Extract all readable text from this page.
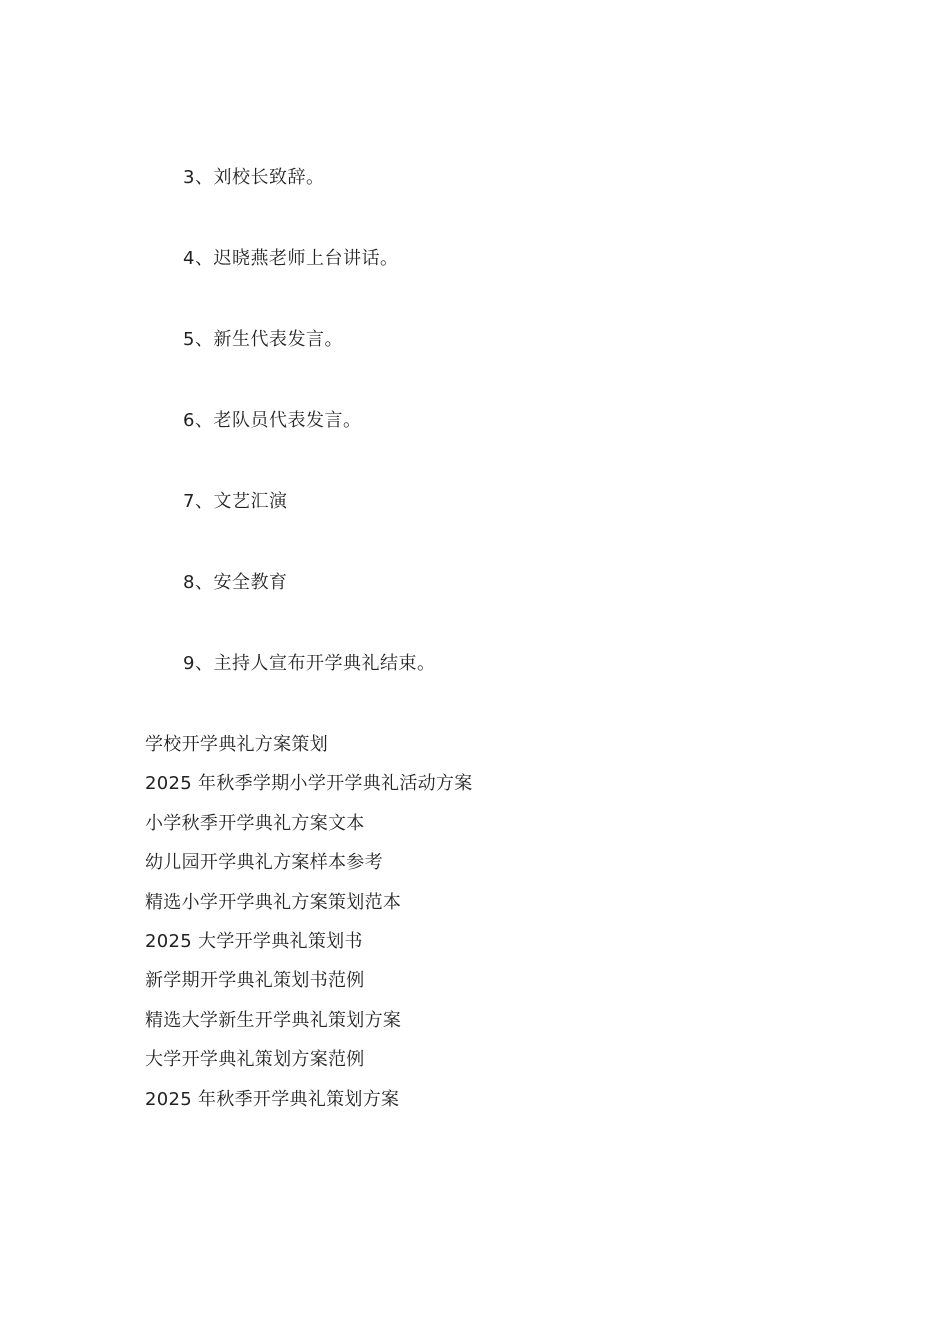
3、刘校长致辞。
4、迟晓燕老师上台讲话。
5、新生代表发言。
6、老队员代表发言。
7、文艺汇演
8、安全教育
9、主持人宣布开学典礼结束。
学校开学典礼方案策划
2025 年秋季学期小学开学典礼活动方案
小学秋季开学典礼方案文本
幼儿园开学典礼方案样本参考
精选小学开学典礼方案策划范本
2025 大学开学典礼策划书
新学期开学典礼策划书范例
精选大学新生开学典礼策划方案
大学开学典礼策划方案范例
2025 年秋季开学典礼策划方案
